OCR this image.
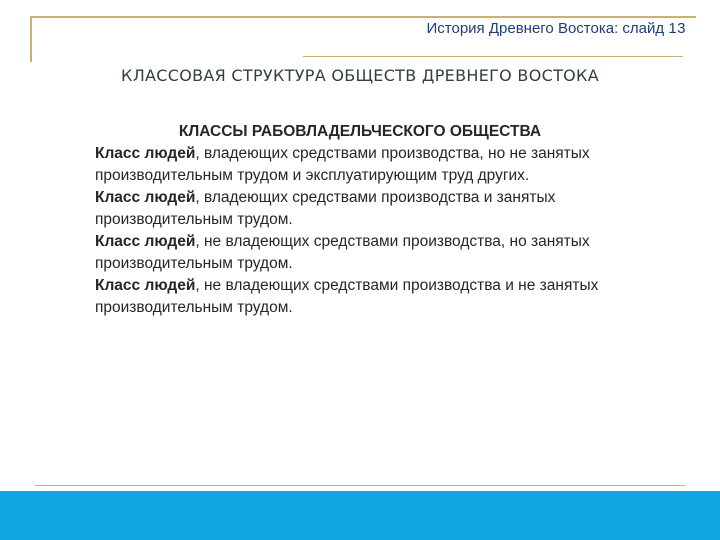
История Древнего Востока: слайд 13
КЛАССОВАЯ СТРУКТУРА ОБЩЕСТВ ДРЕВНЕГО ВОСТОКА
КЛАССЫ РАБОВЛАДЕЛЬЧЕСКОГО ОБЩЕСТВА
Класс людей, владеющих средствами производства, но не занятых производительным трудом и эксплуатирующим труд других.
Класс людей, владеющих средствами производства и занятых производительным трудом.
Класс людей, не владеющих средствами производства, но занятых производительным трудом.
Класс людей, не владеющих средствами производства и не занятых производительным трудом.
